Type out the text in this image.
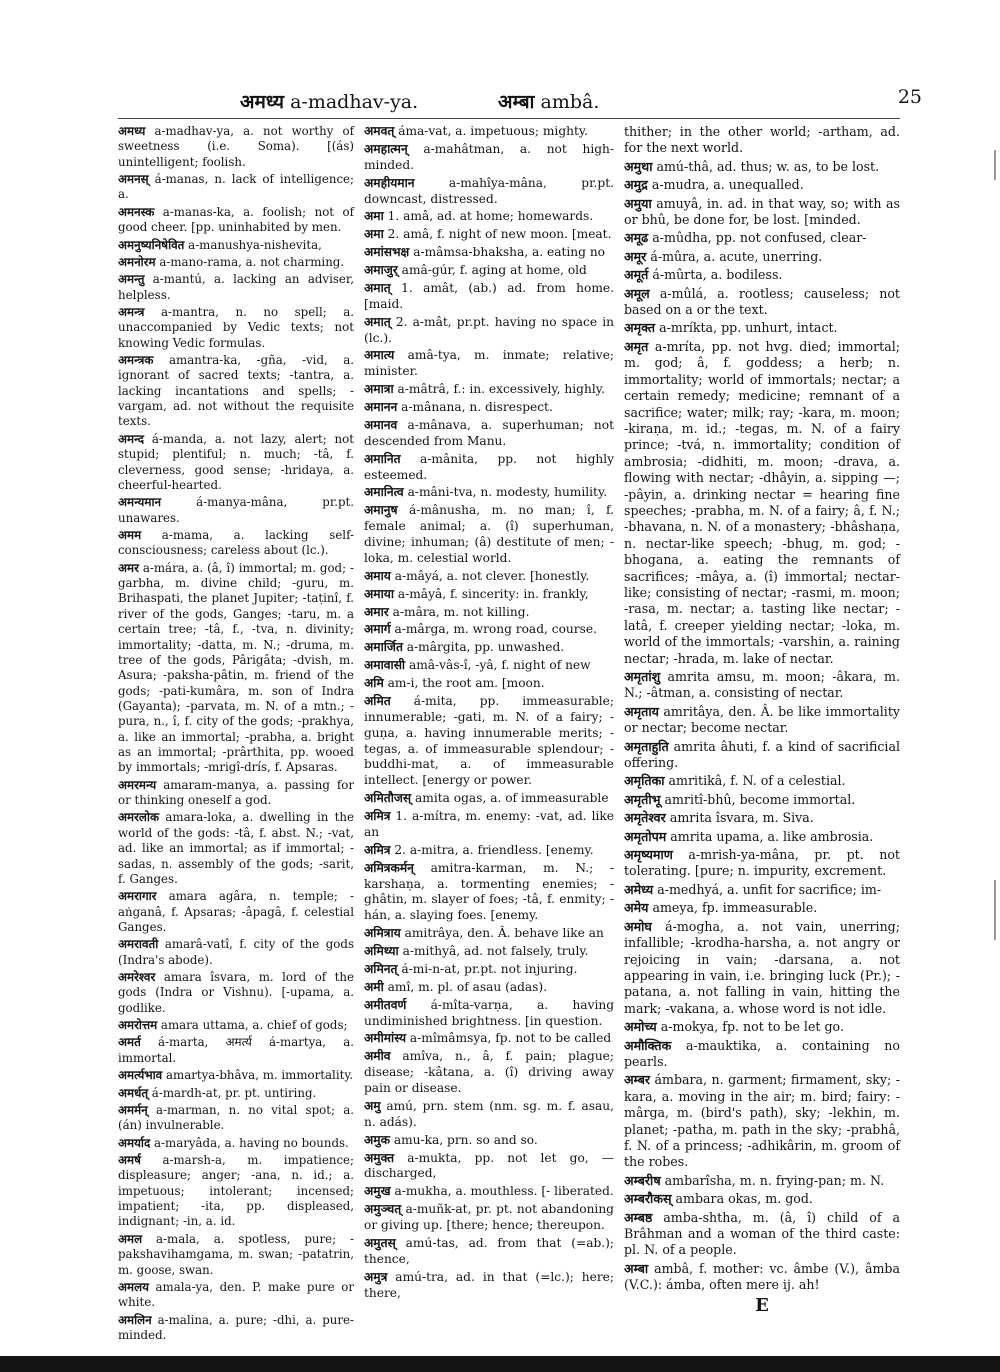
अमध्य a-madhav-ya.	अम्बा ambâ.	25
अमध्य a-madhav-ya, a. not worthy of sweetness (i.e. Soma). [(ás) unintelligent; foolish.
अमनस् á-manas, n. lack of intelligence; a.
अमनस्क a-manas-ka, a. foolish; not of good cheer. [pp. uninhabited by men.
अमनुष्यनिषेवित a-manushya-nishevita,
अमनोरम a-mano-rama, a. not charming.
अमन्तु a-mantú, a. lacking an adviser, helpless.
अमन्त्र a-mantra, n. no spell; a. unaccompanied by Vedic texts; not knowing Vedic formulas.
अमन्त्रक amantra-ka, -gña, -vid, a. ignorant of sacred texts; -tantra, a. lacking incantations and spells; -vargam, ad. not without the requisite texts.
अमन्द á-manda, a. not lazy, alert; not stupid; plentiful; n. much; -tâ, f. cleverness, good sense; -hridaya, a. cheerful-hearted.
अमन्यमान	á-manya-mâna, pr.pt. unawares.
अमम a-mama, a. lacking self-consciousness; careless about (lc.).
अमर a-mára, a. (â, î) immortal; m. god; -garbha, m. divine child; -guru, m. Brihaspati, the planet Jupiter; -taṭinî, f. river of the gods, Ganges; -taru, m. a certain tree; -tâ, f., -tva, n. divinity; immortality; -datta, m. N.; -druma, m. tree of the gods, Pârigâta; -dvish, m. Asura; -paksha-pâtin, m. friend of the gods; -pati-kumâra, m. son of Indra (Gayanta); -parvata, m. N. of a mtn.; -pura, n., î, f. city of the gods; -prakhya, a. like an immortal; -prabha, a. bright as an immortal; -prârthita, pp. wooed by immortals; -mrigî-drís, f. Apsaras.
अमरमन्य amaram-manya, a. passing for or thinking oneself a god.
अमरलोक amara-loka, a. dwelling in the world of the gods: -tâ, f. abst. N.; -vat, ad. like an immortal; as if immortal; -sadas, n. assembly of the gods; -sarit, f. Ganges.
अमरागार amara agâra, n. temple; -aṅganâ, f. Apsaras; -âpagâ, f. celestial Ganges.
अमरावती amarâ-vatî, f. city of the gods (Indra's abode).
अमरेश्वर amara îsvara, m. lord of the gods (Indra or Vishnu). [-upama, a. godlike.
अमरोत्तम amara uttama, a. chief of gods;
अमर्त á-marta, अमर्त्य á-martya, a. immortal.
अमर्त्यभाव amartya-bhâva, m. immortality.
अमर्धत् á-mardh-at, pr. pt. untiring.
अमर्मन् a-marman, n. no vital spot; a. (án) invulnerable.
अमर्याद a-maryâda, a. having no bounds.
अमर्ष a-marsh-a, m. impatience; displeasure; anger; -ana, n. id.; a. impetuous; intolerant; incensed; impatient; -ita, pp. displeased, indignant; -in, a. id.
अमल a-mala, a. spotless, pure; -pakshavihamgama, m. swan; -patatrin, m. goose, swan.
अमलय amala-ya, den. P. make pure or white.
अमलिन a-malina, a. pure; -dhi, a. pure-minded.
अमवत् áma-vat, a. impetuous; mighty.
अमहात्मन् a-mahâtman, a. not high-minded.
अमहीयमान	a-mahîya-mâna, pr.pt. downcast, distressed.
अमा 1. amâ, ad. at home; homewards.
अमा 2. amâ, f. night of new moon. [meat.
अमांसभक्ष a-mâmsa-bhaksha, a. eating no
अमाजुर् amâ-gúr, f. aging at home, old
अमात् 1. amât, (ab.) ad. from home. [maid.
अमात् 2. a-mât, pr.pt. having no space in (lc.).
अमात्य amâ-tya, m. inmate; relative; minister.
अमात्रा a-mâtrâ, f.: in. excessively, highly.
अमानन a-mânana, n. disrespect.
अमानव a-mânava, a. superhuman; not descended from Manu.
अमानित a-mânita, pp. not highly esteemed.
अमानित्व a-mâni-tva, n. modesty, humility.
अमानुष á-mânusha, m. no man; î, f. female animal; a. (î) superhuman, divine; inhuman; (â) destitute of men; -loka, m. celestial world.
अमाय a-mâyá, a. not clever. [honestly.
अमाया a-mâyâ, f. sincerity: in. frankly,
अमार a-mâra, m. not killing.
अमार्ग a-mârga, m. wrong road, course.
अमार्जित a-mârgita, pp. unwashed.
अमावासी amâ-vâs-î, -yâ, f. night of new
अमि am-i, the root am. [moon.
अमित á-mita, pp. immeasurable; innumerable; -gati, m. N. of a fairy; -guṇa, a. having innumerable merits; -tegas, a. of immeasurable splendour; -buddhi-mat, a. of immeasurable intellect. [energy or power.
अमितौजस् amita ogas, a. of immeasurable
अमित्र 1. a-mítra, m. enemy: -vat, ad. like an
अमित्र 2. a-mitra, a. friendless. [enemy.
अमित्रकर्मन् amitra-karman, m. N.; -karshaṇa, a. tormenting enemies; -ghâtin, m. slayer of foes; -tâ, f. enmity; -hán, a. slaying foes. [enemy.
अमित्राय amitrâya, den. Â. behave like an
अमिथ्या a-mithyâ, ad. not falsely, truly.
अमिनत् á-mi-n-at, pr.pt. not injuring.
अमी amî, m. pl. of asau (adas).
अमीतवर्ण á-mîta-varṇa, a. having undiminished brightness. [in question.
अमीमांस्य a-mîmâmsya, fp. not to be called
अमीव amîva, n., â, f. pain; plague; disease; -kâtana, a. (î) driving away pain or disease.
अमु amú, prn. stem (nm. sg. m. f. asau, n. adás).
अमुक amu-ka, prn. so and so.
अमुक्त a-mukta, pp. not let go, — discharged,
अमुख a-mukha, a. mouthless. [- liberated.
अमुञ्चत् a-muñk-at, pr. pt. not abandoning or giving up. [there; hence; thereupon.
अमुतस् amú-tas, ad. from that (=ab.); thence,
अमुत्र amú-tra, ad. in that (=lc.); here; there,
thither; in the other world; -artham, ad. for the next world.
अमुथा amú-thâ, ad. thus; w. as, to be lost.
अमुद्र a-mudra, a. unequalled.
अमुया amuyâ, in. ad. in that way, so; with as or bhû, be done for, be lost. [minded.
अमूढ a-mûdha, pp. not confused, clear-
अमूर á-mûra, a. acute, unerring.
अमूर्त á-mûrta, a. bodiless.
अमूल a-mûlá, a. rootless; causeless; not based on a or the text.
अमृक्त a-mríkta, pp. unhurt, intact.
अमृत a-mríta, pp. not hvg. died; immortal; m. god; â, f. goddess; a herb; n. immortality; world of immortals; nectar; a certain remedy; medicine; remnant of a sacrifice; water; milk; ray; -kara, m. moon; -kiraṇa, m. id.; -tegas, m. N. of a fairy prince; -tvá, n. immortality; condition of ambrosia; -didhiti, m. moon; -drava, a. flowing with nectar; -dhâyin, a. sipping —; -pâyin, a. drinking nectar = hearing fine speeches; -prabha, m. N. of a fairy; â, f. N.; -bhavana, n. N. of a monastery; -bhâshaṇa, n. nectar-like speech; -bhug, m. god; -bhogana, a. eating the remnants of sacrifices; -mâya, a. (î) immortal; nectar-like; consisting of nectar; -rasmi, m. moon; -rasa, m. nectar; a. tasting like nectar; -latâ, f. creeper yielding nectar; -loka, m. world of the immortals; -varshin, a. raining nectar; -hrada, m. lake of nectar.
अमृतांशु amrita amsu, m. moon; -âkara, m. N.; -âtman, a. consisting of nectar.
अमृताय amritâya, den. Â. be like immortality or nectar; become nectar.
अमृताहुति amrita âhuti, f. a kind of sacrificial offering.
अमृतिका amritikâ, f. N. of a celestial.
अमृतीभू amritî-bhû, become immortal.
अमृतेश्वर amrita îsvara, m. Siva.
अमृतोपम amrita upama, a. like ambrosia.
अमृष्यमाण a-mrish-ya-mâna, pr. pt. not tolerating. [pure; n. impurity, excrement.
अमेध्य a-medhyá, a. unfit for sacrifice; im-
अमेय ameya, fp. immeasurable.
अमोघ á-mogha, a. not vain, unerring; infallible; -krodha-harsha, a. not angry or rejoicing in vain; -darsana, a. not appearing in vain, i.e. bringing luck (Pr.); -patana, a. not falling in vain, hitting the mark; -vakana, a. whose word is not idle.
अमोच्य a-mokya, fp. not to be let go.
अमौक्तिक a-mauktika, a. containing no pearls.
अम्बर ámbara, n. garment; firmament, sky; -kara, a. moving in the air; m. bird; fairy: -mârga, m. (bird's path), sky; -lekhin, m. planet; -patha, m. path in the sky; -prabhâ, f. N. of a princess; -adhikârin, m. groom of the robes.
अम्बरीष ambarîsha, m. n. frying-pan; m. N.
अम्बरौकस् ambara okas, m. god.
अम्बष्ठ amba-shtha, m. (â, î) child of a Brâhman and a woman of the third caste: pl. N. of a people.
अम्बा ambâ, f. mother: vc. âmbe (V.), âmba (V.C.): ámba, often mere ij. ah!
E
